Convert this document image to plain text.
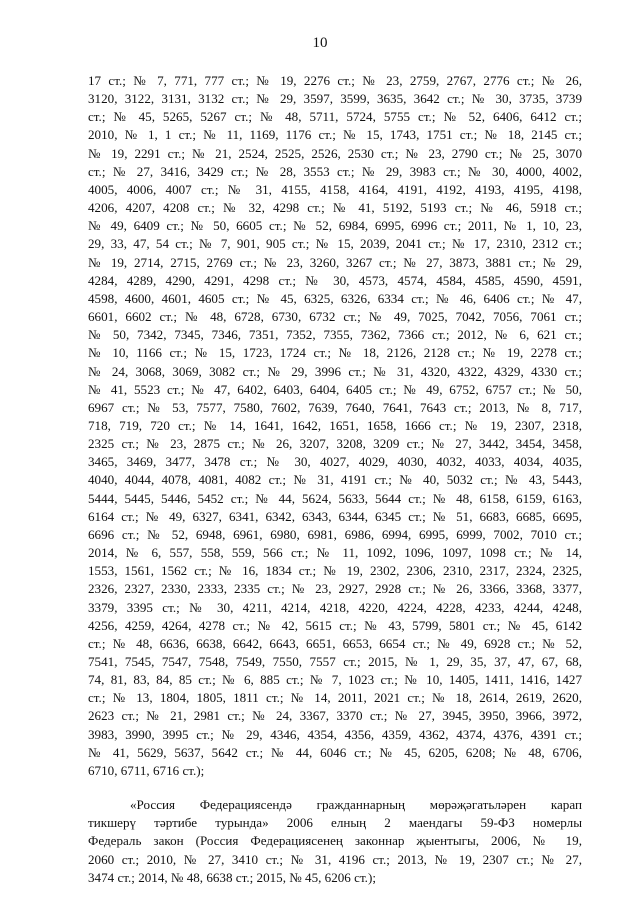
10
17 ст.; № 7, 771, 777 ст.; № 19, 2276 ст.; № 23, 2759, 2767, 2776 ст.; № 26,
3120, 3122, 3131, 3132 ст.; № 29, 3597, 3599, 3635, 3642 ст.; № 30, 3735, 3739
ст.; № 45, 5265, 5267 ст.; № 48, 5711, 5724, 5755 ст.; № 52, 6406, 6412 ст.;
2010, № 1, 1 ст.; № 11, 1169, 1176 ст.; № 15, 1743, 1751 ст.; № 18, 2145 ст.;
№ 19, 2291 ст.; № 21, 2524, 2525, 2526, 2530 ст.; № 23, 2790 ст.; № 25, 3070
ст.; № 27, 3416, 3429 ст.; № 28, 3553 ст.; № 29, 3983 ст.; № 30, 4000, 4002,
4005, 4006, 4007 ст.; № 31, 4155, 4158, 4164, 4191, 4192, 4193, 4195, 4198,
4206, 4207, 4208 ст.; № 32, 4298 ст.; № 41, 5192, 5193 ст.; № 46, 5918 ст.;
№ 49, 6409 ст.; № 50, 6605 ст.; № 52, 6984, 6995, 6996 ст.; 2011, № 1, 10, 23,
29, 33, 47, 54 ст.; № 7, 901, 905 ст.; № 15, 2039, 2041 ст.; № 17, 2310, 2312 ст.;
№ 19, 2714, 2715, 2769 ст.; № 23, 3260, 3267 ст.; № 27, 3873, 3881 ст.; № 29,
4284, 4289, 4290, 4291, 4298 ст.; № 30, 4573, 4574, 4584, 4585, 4590, 4591,
4598, 4600, 4601, 4605 ст.; № 45, 6325, 6326, 6334 ст.; № 46, 6406 ст.; № 47,
6601, 6602 ст.; № 48, 6728, 6730, 6732 ст.; № 49, 7025, 7042, 7056, 7061 ст.;
№ 50, 7342, 7345, 7346, 7351, 7352, 7355, 7362, 7366 ст.; 2012, № 6, 621 ст.;
№ 10, 1166 ст.; № 15, 1723, 1724 ст.; № 18, 2126, 2128 ст.; № 19, 2278 ст.;
№ 24, 3068, 3069, 3082 ст.; № 29, 3996 ст.; № 31, 4320, 4322, 4329, 4330 ст.;
№ 41, 5523 ст.; № 47, 6402, 6403, 6404, 6405 ст.; № 49, 6752, 6757 ст.; № 50,
6967 ст.; № 53, 7577, 7580, 7602, 7639, 7640, 7641, 7643 ст.; 2013, № 8, 717,
718, 719, 720 ст.; № 14, 1641, 1642, 1651, 1658, 1666 ст.; № 19, 2307, 2318,
2325 ст.; № 23, 2875 ст.; № 26, 3207, 3208, 3209 ст.; № 27, 3442, 3454, 3458,
3465, 3469, 3477, 3478 ст.; № 30, 4027, 4029, 4030, 4032, 4033, 4034, 4035,
4040, 4044, 4078, 4081, 4082 ст.; № 31, 4191 ст.; № 40, 5032 ст.; № 43, 5443,
5444, 5445, 5446, 5452 ст.; № 44, 5624, 5633, 5644 ст.; № 48, 6158, 6159, 6163,
6164 ст.; № 49, 6327, 6341, 6342, 6343, 6344, 6345 ст.; № 51, 6683, 6685, 6695,
6696 ст.; № 52, 6948, 6961, 6980, 6981, 6986, 6994, 6995, 6999, 7002, 7010 ст.;
2014, № 6, 557, 558, 559, 566 ст.; № 11, 1092, 1096, 1097, 1098 ст.; № 14,
1553, 1561, 1562 ст.; № 16, 1834 ст.; № 19, 2302, 2306, 2310, 2317, 2324, 2325,
2326, 2327, 2330, 2333, 2335 ст.; № 23, 2927, 2928 ст.; № 26, 3366, 3368, 3377,
3379, 3395 ст.; № 30, 4211, 4214, 4218, 4220, 4224, 4228, 4233, 4244, 4248,
4256, 4259, 4264, 4278 ст.; № 42, 5615 ст.; № 43, 5799, 5801 ст.; № 45, 6142
ст.; № 48, 6636, 6638, 6642, 6643, 6651, 6653, 6654 ст.; № 49, 6928 ст.; № 52,
7541, 7545, 7547, 7548, 7549, 7550, 7557 ст.; 2015, № 1, 29, 35, 37, 47, 67, 68,
74, 81, 83, 84, 85 ст.; № 6, 885 ст.; № 7, 1023 ст.; № 10, 1405, 1411, 1416, 1427
ст.; № 13, 1804, 1805, 1811 ст.; № 14, 2011, 2021 ст.; № 18, 2614, 2619, 2620,
2623 ст.; № 21, 2981 ст.; № 24, 3367, 3370 ст.; № 27, 3945, 3950, 3966, 3972,
3983, 3990, 3995 ст.; № 29, 4346, 4354, 4356, 4359, 4362, 4374, 4376, 4391 ст.;
№ 41, 5629, 5637, 5642 ст.; № 44, 6046 ст.; № 45, 6205, 6208; № 48, 6706,
6710, 6711, 6716 ст.);
«Россия Федерациясендә гражданнарның мөрәҗәгатьләрен карап
тикшерү тәртибе турында» 2006 елның 2 маендагы 59-ФЗ номерлы
Федераль закон (Россия Федерациясенең законнар җыентыгы, 2006, № 19,
2060 ст.; 2010, № 27, 3410 ст.; № 31, 4196 ст.; 2013, № 19, 2307 ст.; № 27,
3474 ст.; 2014, № 48, 6638 ст.; 2015, № 45, 6206 ст.);
